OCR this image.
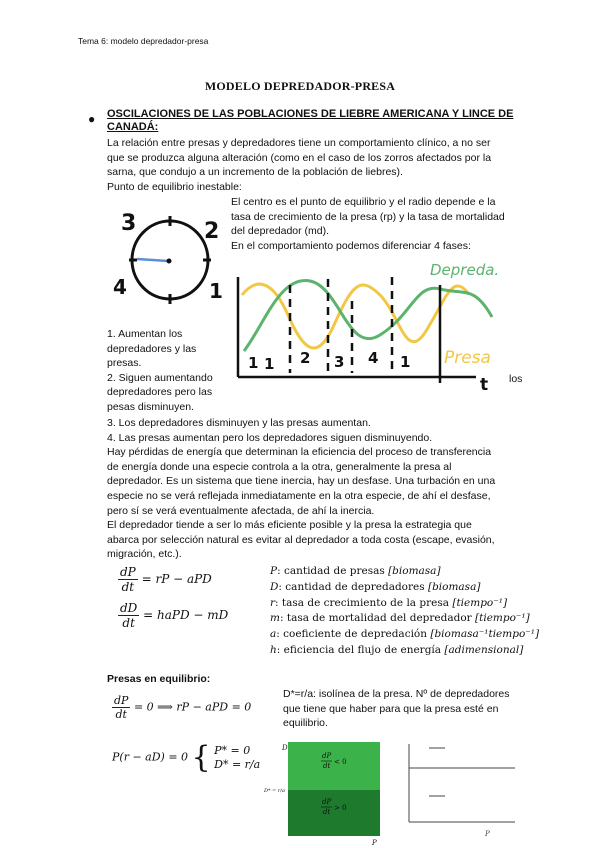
Tema 6: modelo depredador-presa
MODELO DEPREDADOR-PRESA
● OSCILACIONES DE LAS POBLACIONES DE LIEBRE AMERICANA Y LINCE DE CANADÁ:
La relación entre presas y depredadores tiene un comportamiento clínico, a no ser
que se produzca alguna alteración (como en el caso de los zorros afectados por la
sarna, que condujo a un incremento de la población de liebres).
Punto de equilibrio inestable:
3	2
4	1
El centro es el punto de equilibrio y el radio depende e la
tasa de crecimiento de la presa (rp) y la tasa de mortalidad
del depredador (md).
En el comportamiento podemos diferenciar 4 fases:
1 1 2 3 4 1
Depreda.
Presa
t
1. Aumentan los
depredadores y las
presas.
2. Siguen aumentando
depredadores pero las
pesas disminuyen.
los
3. Los depredadores disminuyen y las presas aumentan.
4. Las presas aumentan pero los depredadores siguen disminuyendo.
Hay pérdidas de energía que determinan la eficiencia del proceso de transferencia
de energía donde una especie controla a la otra, generalmente la presa al
depredador. Es un sistema que tiene inercia, hay un desfase. Una turbación en una
especie no se verá reflejada inmediatamente en la otra especie, de ahí el desfase,
pero sí se verá eventualmente afectada, de ahí la inercia.
El depredador tiende a ser lo más eficiente posible y la presa la estrategia que
abarca por selección natural es evitar al depredador a toda costa (escape, evasión,
migración, etc.).
$\frac{dP}{dt}$ = rP − aPD
$\frac{dD}{dt}$ = haPD − mD
P: cantidad de presas [biomasa]
D: cantidad de depredadores [biomasa]
r: tasa de crecimiento de la presa [tiempo⁻¹]
m: tasa de mortalidad del depredador [tiempo⁻¹]
a: coeficiente de depredación [biomasa⁻¹tiempo⁻¹]
h: eficiencia del flujo de energía [adimensional]
Presas en equilibrio:
$\frac{dP}{dt} = 0$ ⟹ rP − aPD = 0
P(r − aD) = 0 { P* = 0
D* = r/a
D*=r/a: isolínea de la presa. Nº de depredadores
que tiene que haber para que la presa esté en
equilibrio.
D
D* = r/a
P
dP
dt < 0
dP
dt > 0
P
